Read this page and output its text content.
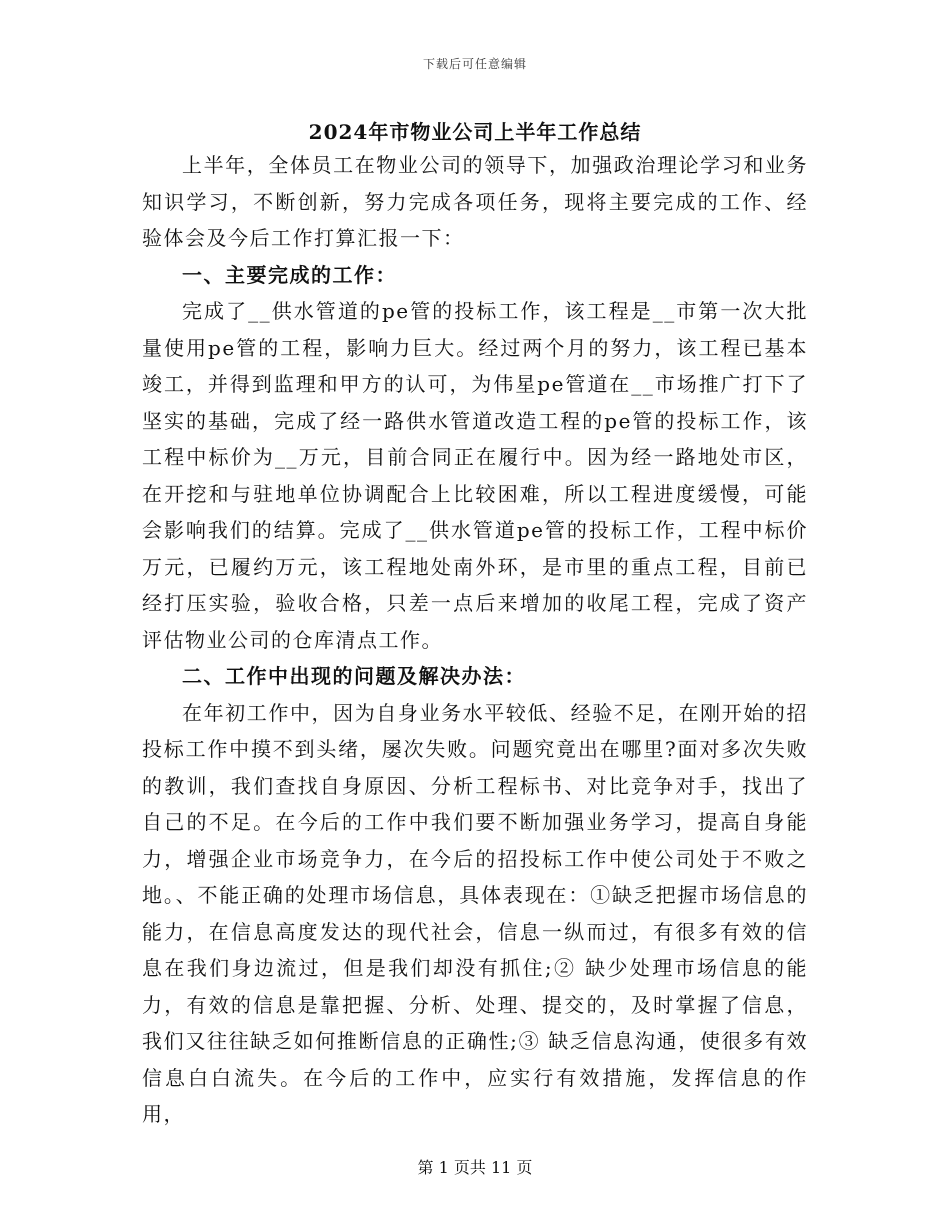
下载后可任意编辑
2024年市物业公司上半年工作总结

上半年，全体员工在物业公司的领导下，加强政治理论学习和业务知识学习，不断创新，努力完成各项任务，现将主要完成的工作、经验体会及今后工作打算汇报一下：

一、主要完成的工作：

完成了__供水管道的pe管的投标工作，该工程是__市第一次大批量使用pe管的工程，影响力巨大。经过两个月的努力，该工程已基本竣工，并得到监理和甲方的认可，为伟星pe管道在__市场推广打下了坚实的基础，完成了经一路供水管道改造工程的pe管的投标工作，该工程中标价为__万元，目前合同正在履行中。因为经一路地处市区，在开挖和与驻地单位协调配合上比较困难，所以工程进度缓慢，可能会影响我们的结算。完成了__供水管道pe管的投标工作，工程中标价万元，已履约万元，该工程地处南外环，是市里的重点工程，目前已经打压实验，验收合格，只差一点后来增加的收尾工程，完成了资产评估物业公司的仓库清点工作。

二、工作中出现的问题及解决办法：

在年初工作中，因为自身业务水平较低、经验不足，在刚开始的招投标工作中摸不到头绪，屡次失败。问题究竟出在哪里?面对多次失败的教训，我们查找自身原因、分析工程标书、对比竞争对手，找出了自己的不足。在今后的工作中我们要不断加强业务学习，提高自身能力，增强企业市场竞争力，在今后的招投标工作中使公司处于不败之地。、不能正确的处理市场信息，具体表现在：①缺乏把握市场信息的能力，在信息高度发达的现代社会，信息一纵而过，有很多有效的信息在我们身边流过，但是我们却没有抓住;② 缺少处理市场信息的能力，有效的信息是靠把握、分析、处理、提交的，及时掌握了信息，我们又往往缺乏如何推断信息的正确性;③ 缺乏信息沟通，使很多有效信息白白流失。在今后的工作中，应实行有效措施，发挥信息的作用，

第 1 页共 11 页
